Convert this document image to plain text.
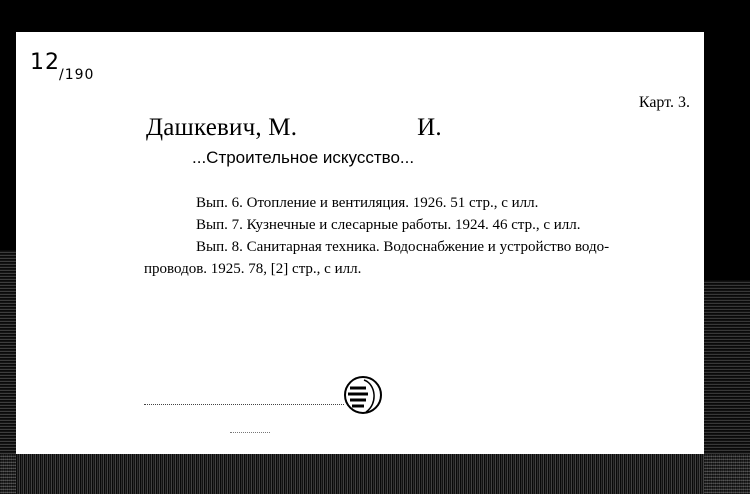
$12_{/190}$
Карт. 3.
Дашкевич, М.	И.
...Строительное искусство...
Вып. 6. Отопление и вентиляция. 1926. 51 стр., с илл.
Вып. 7. Кузнечные и слесарные работы. 1924. 46 стр., с илл.
Вып. 8. Санитарная техника. Водоснабжение и устройство водо-
проводов. 1925. 78, [2] стр., с илл.
